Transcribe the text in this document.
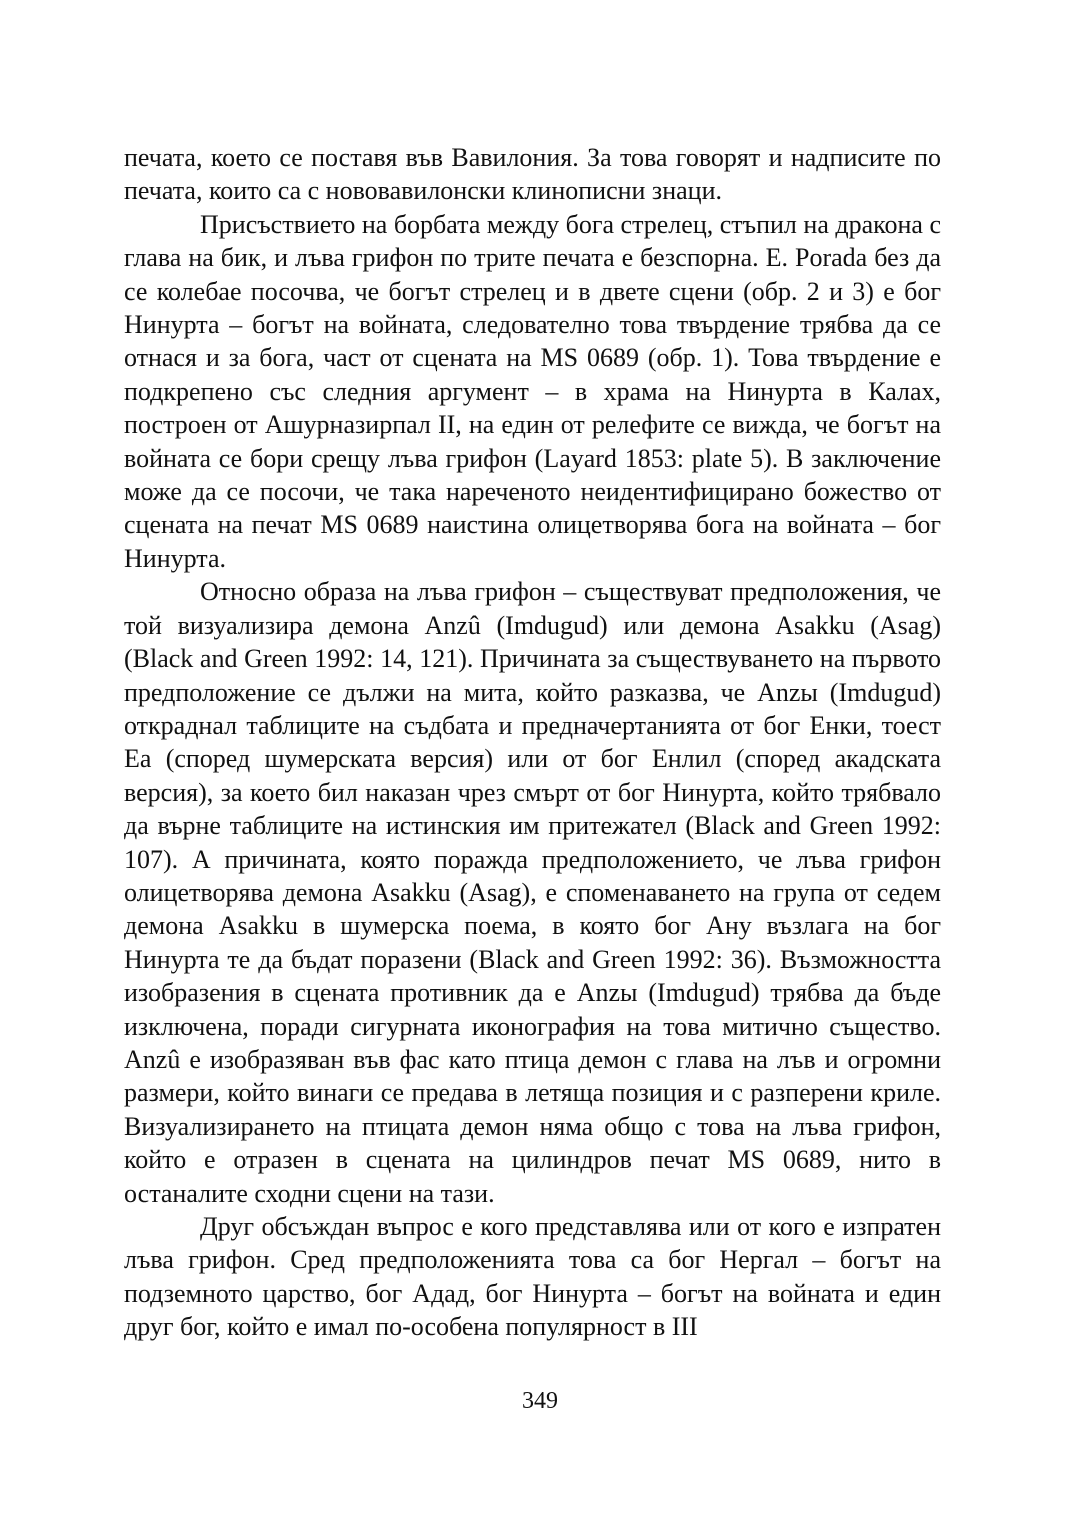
печата, което се поставя във Вавилония. За това говорят и надписите по печата, които са с нововавилонски клинописни знаци.

Присъствието на борбата между бога стрелец, стъпил на дракона с глава на бик, и лъва грифон по трите печата е безспорна. E. Porada без да се колебае посочва, че богът стрелец и в двете сцени (обр. 2 и 3) е бог Нинурта – богът на войната, следователно това твърдение трябва да се отнася и за бога, част от сцената на MS 0689 (обр. 1). Това твърдение е подкрепено със следния аргумент – в храма на Нинурта в Калах, построен от Ашурназирпал II, на един от релефите се вижда, че богът на войната се бори срещу лъва грифон (Layard 1853: plate 5). В заключение може да се посочи, че така нареченото неидентифицирано божество от сцената на печат MS 0689 наистина олицетворява бога на войната – бог Нинурта.

Относно образа на лъва грифон – съществуват предположения, че той визуализира демона Anzû (Imdugud) или демона Asakku (Asag) (Black and Green 1992: 14, 121). Причината за съществуването на първото предположение се дължи на мита, който разказва, че Anzы (Imdugud) откраднал таблиците на съдбата и предначертанията от бог Енки, тоест Еа (според шумерската версия) или от бог Енлил (според акадската версия), за което бил наказан чрез смърт от бог Нинурта, който трябвало да върне таблиците на истинския им притежател (Black and Green 1992: 107). А причината, която поражда предположението, че лъва грифон олицетворява демона Asakku (Asag), е споменаването на група от седем демона Asakku в шумерска поема, в която бог Ану възлага на бог Нинурта те да бъдат поразени (Black and Green 1992: 36). Възможността изобразения в сцената противник да е Anzы (Imdugud) трябва да бъде изключена, поради сигурната иконография на това митично същество. Anzû е изобразяван във фас като птица демон с глава на лъв и огромни размери, който винаги се предава в летяща позиция и с разперени криле. Визуализирането на птицата демон няма общо с това на лъва грифон, който е отразен в сцената на цилиндров печат MS 0689, нито в останалите сходни сцени на тази.

Друг обсъждан въпрос е кого представлява или от кого е изпратен лъва грифон. Сред предположенията това са бог Нергал – богът на подземното царство, бог Адад, бог Нинурта – богът на войната и един друг бог, който е имал по-особена популярност в III

349
